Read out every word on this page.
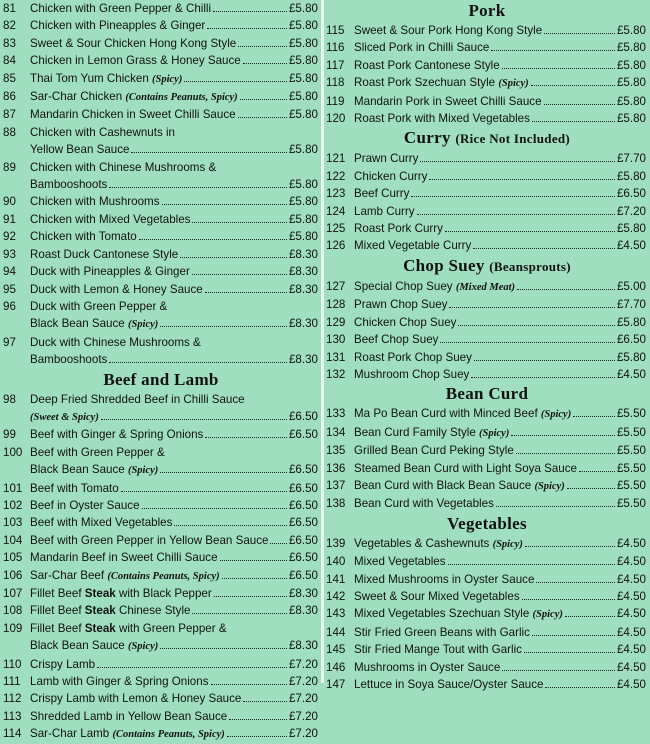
81	Chicken with Green Pepper & Chilli	£5.80
82	Chicken with Pineapples & Ginger	£5.80
83	Sweet & Sour Chicken Hong Kong Style	£5.80
84	Chicken in Lemon Grass & Honey Sauce	£5.80
85	Thai Tom Yum Chicken (Spicy)	£5.80
86	Sar-Char Chicken (Contains Peanuts, Spicy)	£5.80
87	Mandarin Chicken in Sweet Chilli Sauce	£5.80
88	Chicken with Cashewnuts in
Yellow Bean Sauce	£5.80
89	Chicken with Chinese Mushrooms &
Bambooshoots	£5.80
90	Chicken with Mushrooms	£5.80
91	Chicken with Mixed Vegetables	£5.80
92	Chicken with Tomato	£5.80
93	Roast Duck Cantonese Style	£8.30
94	Duck with Pineapples & Ginger	£8.30
95	Duck with Lemon & Honey Sauce	£8.30
96	Duck with Green Pepper &
Black Bean Sauce (Spicy)	£8.30
97	Duck with Chinese Mushrooms &
Bambooshoots	£8.30
Beef and Lamb
98	Deep Fried Shredded Beef in Chilli Sauce
(Sweet & Spicy)	£6.50
99	Beef with Ginger & Spring Onions	£6.50
100 Beef with Green Pepper &
Black Bean Sauce (Spicy)	£6.50
101 Beef with Tomato	£6.50
102 Beef in Oyster Sauce	£6.50
103 Beef with Mixed Vegetables	£6.50
104 Beef with Green Pepper in Yellow Bean Sauce £6.50
105 Mandarin Beef in Sweet Chilli Sauce	£6.50
106 Sar-Char Beef (Contains Peanuts, Spicy)	£6.50
107 Fillet Beef Steak with Black Pepper	£8.30
108 Fillet Beef Steak Chinese Style	£8.30
109 Fillet Beef Steak with Green Pepper &
Black Bean Sauce (Spicy)	£8.30
110 Crispy Lamb	£7.20
111 Lamb with Ginger & Spring Onions	£7.20
112 Crispy Lamb with Lemon & Honey Sauce	£7.20
113 Shredded Lamb in Yellow Bean Sauce	£7.20
114 Sar-Char Lamb (Contains Peanuts, Spicy)	£7.20
Pork
115 Sweet & Sour Pork Hong Kong Style	£5.80
116 Sliced Pork in Chilli Sauce	£5.80
117 Roast Pork Cantonese Style	£5.80
118 Roast Pork Szechuan Style (Spicy)	£5.80
119 Mandarin Pork in Sweet Chilli Sauce	£5.80
120 Roast Pork with Mixed Vegetables	£5.80
Curry (Rice Not Included)
121 Prawn Curry	£7.70
122 Chicken Curry	£5.80
123 Beef Curry	£6.50
124 Lamb Curry	£7.20
125 Roast Pork Curry	£5.80
126 Mixed Vegetable Curry	£4.50
Chop Suey (Beansprouts)
127 Special Chop Suey (Mixed Meat)	£5.00
128 Prawn Chop Suey	£7.70
129 Chicken Chop Suey	£5.80
130 Beef Chop Suey	£6.50
131 Roast Pork Chop Suey	£5.80
132 Mushroom Chop Suey	£4.50
Bean Curd
133 Ma Po Bean Curd with Minced Beef (Spicy)	£5.50
134 Bean Curd Family Style (Spicy)	£5.50
135 Grilled Bean Curd Peking Style	£5.50
136 Steamed Bean Curd with Light Soya Sauce	£5.50
137 Bean Curd with Black Bean Sauce (Spicy)	£5.50
138 Bean Curd with Vegetables	£5.50
Vegetables
139 Vegetables & Cashewnuts (Spicy)	£4.50
140 Mixed Vegetables	£4.50
141 Mixed Mushrooms in Oyster Sauce	£4.50
142 Sweet & Sour Mixed Vegetables	£4.50
143 Mixed Vegetables Szechuan Style (Spicy)	£4.50
144 Stir Fried Green Beans with Garlic	£4.50
145 Stir Fried Mange Tout with Garlic	£4.50
146 Mushrooms in Oyster Sauce	£4.50
147 Lettuce in Soya Sauce/Oyster Sauce	£4.50
